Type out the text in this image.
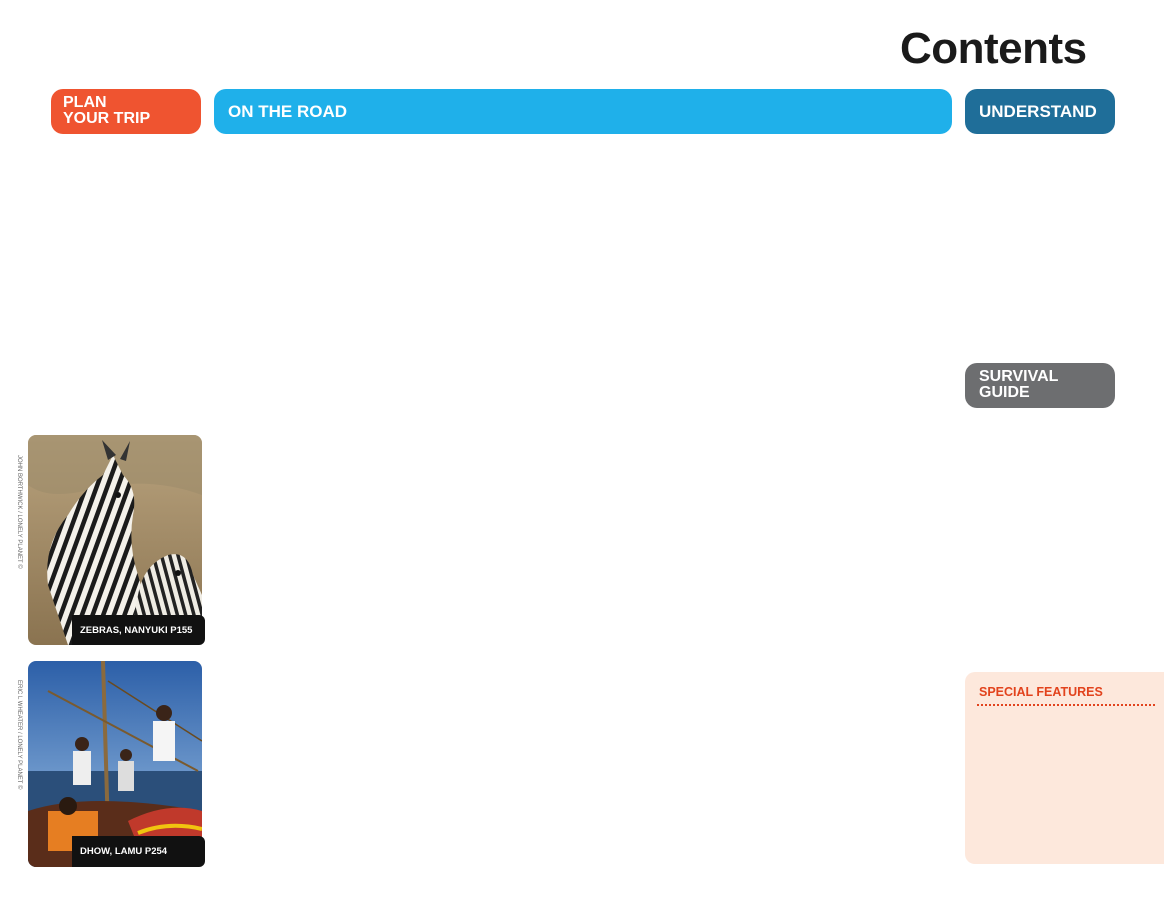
Contents
PLAN
YOUR TRIP	ON THE ROAD	UNDERSTAND
SURVIVAL
GUIDE
SPECIAL FEATURES
JOHN BORTHWICK / LONELY PLANET ©
ZEBRAS, NANYUKI P155
ERIC L WHEATER / LONELY PLANET ©
DHOW, LAMU P254
